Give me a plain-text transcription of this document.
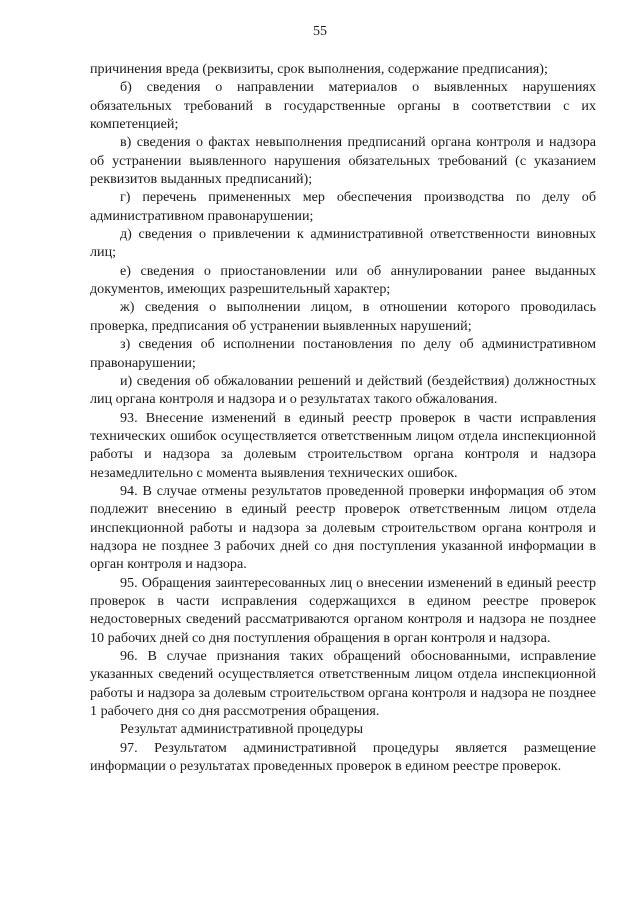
55

причинения вреда (реквизиты, срок выполнения, содержание предписания);

б) сведения о направлении материалов о выявленных нарушениях обязательных требований в государственные органы в соответствии с их компетенцией;

в) сведения о фактах невыполнения предписаний органа контроля и надзора об устранении выявленного нарушения обязательных требований (с указанием реквизитов выданных предписаний);

г) перечень примененных мер обеспечения производства по делу об административном правонарушении;

д) сведения о привлечении к административной ответственности виновных лиц;

е) сведения о приостановлении или об аннулировании ранее выданных документов, имеющих разрешительный характер;

ж) сведения о выполнении лицом, в отношении которого проводилась проверка, предписания об устранении выявленных нарушений;

з) сведения об исполнении постановления по делу об административном правонарушении;

и) сведения об обжаловании решений и действий (бездействия) должностных лиц органа контроля и надзора и о результатах такого обжалования.

93. Внесение изменений в единый реестр проверок в части исправления технических ошибок осуществляется ответственным лицом отдела инспекционной работы и надзора за долевым строительством органа контроля и надзора незамедлительно с момента выявления технических ошибок.

94. В случае отмены результатов проведенной проверки информация об этом подлежит внесению в единый реестр проверок ответственным лицом отдела инспекционной работы и надзора за долевым строительством органа контроля и надзора не позднее 3 рабочих дней со дня поступления указанной информации в орган контроля и надзора.

95. Обращения заинтересованных лиц о внесении изменений в единый реестр проверок в части исправления содержащихся в едином реестре проверок недостоверных сведений рассматриваются органом контроля и надзора не позднее 10 рабочих дней со дня поступления обращения в орган контроля и надзора.

96. В случае признания таких обращений обоснованными, исправление указанных сведений осуществляется ответственным лицом отдела инспекционной работы и надзора за долевым строительством органа контроля и надзора не позднее 1 рабочего дня со дня рассмотрения обращения.

Результат административной процедуры

97. Результатом административной процедуры является размещение информации о результатах проведенных проверок в едином реестре проверок.
